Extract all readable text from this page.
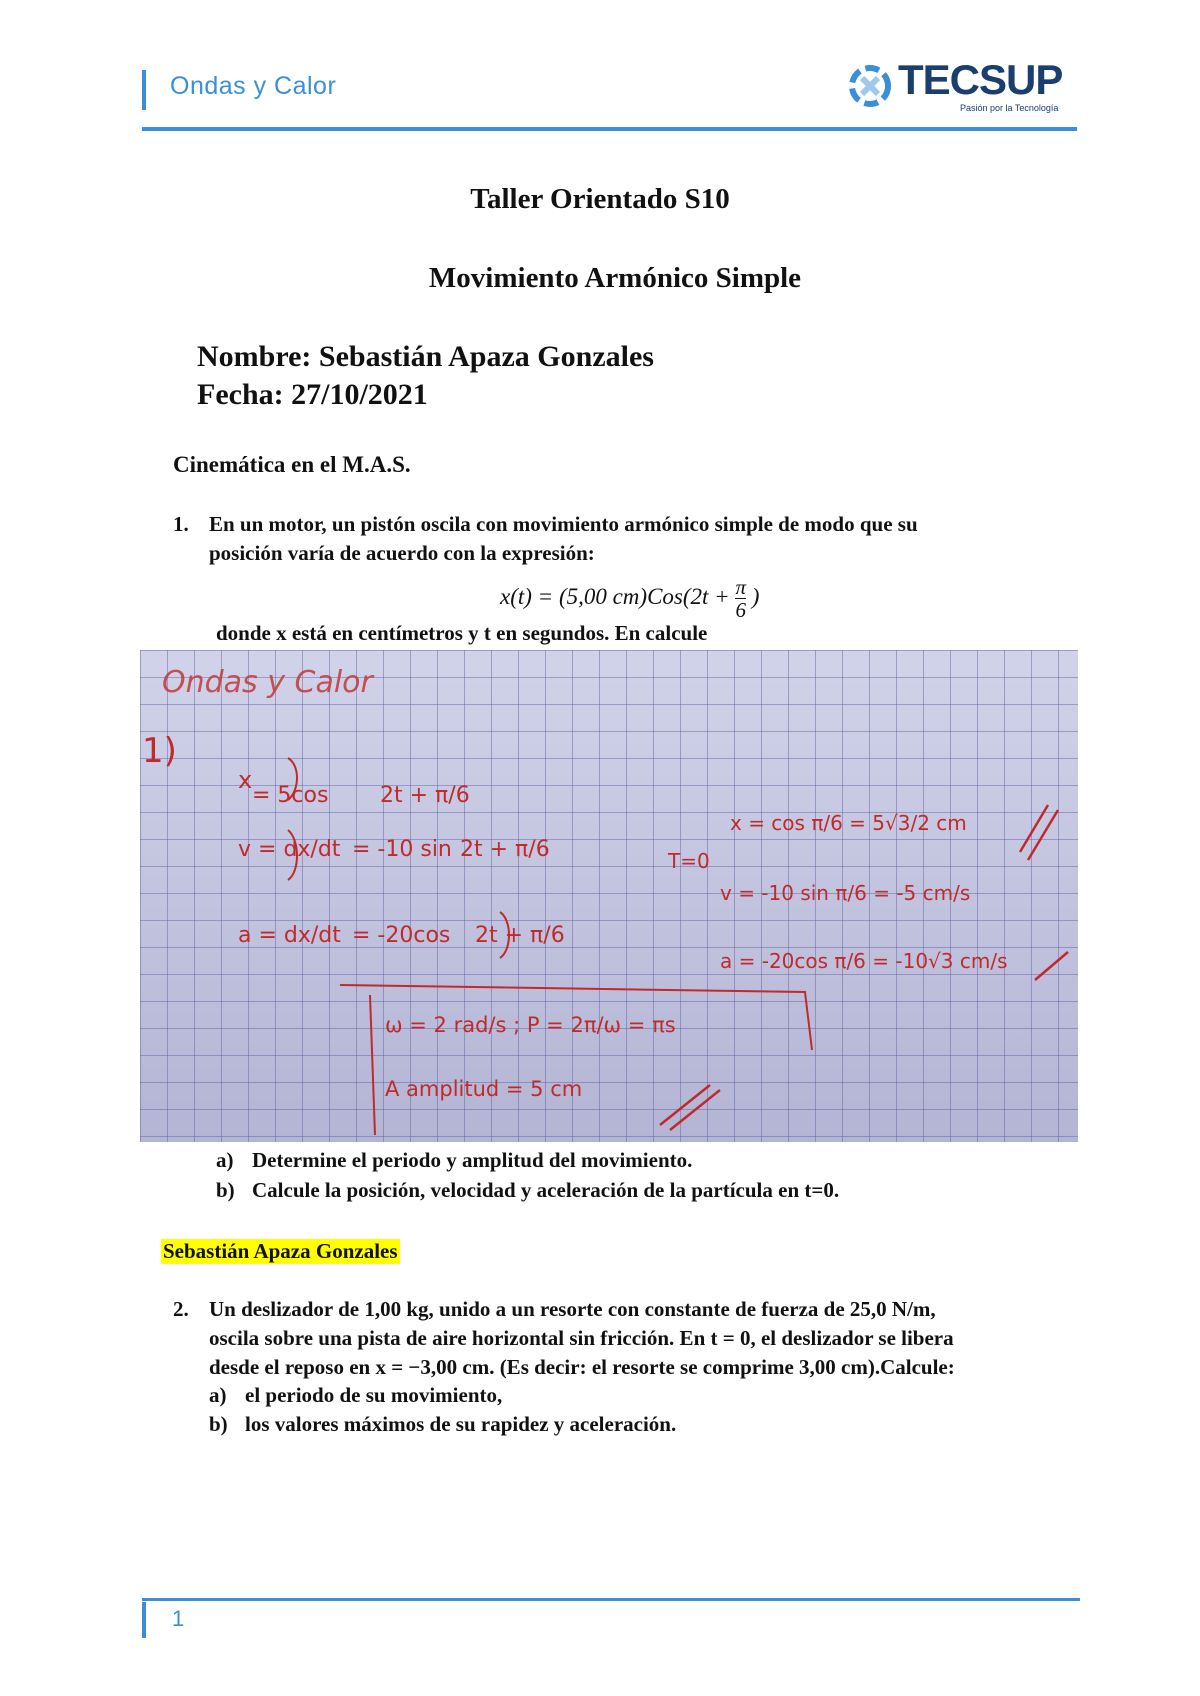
Ondas y Calor	TECSUP
Pasión por la Tecnología
Taller Orientado S10
Movimiento Armónico Simple
Nombre: Sebastián Apaza Gonzales
Fecha: 27/10/2021
Cinemática en el M.A.S.
1. En un motor, un pistón oscila con movimiento armónico simple de modo que su
posición varía de acuerdo con la expresión:
x(t) = (5,00 $cm)Cos(2t + \frac{\pi}{6}$ )
donde x está en centímetros y t en segundos. En calcule
Ondas y Calor
1)
x
= 5cos 2t + π/6
v = dx/dt = -10 sin 2t + π/6
a = dx/dt = -20cos 2t + π/6
T=0
x = cos π/6 = 5√3/2 cm
v = -10 sin π/6 = -5 cm/s
a = -20cos π/6 = -10√3 cm/s
ω = 2 rad/s ; P = 2π/ω = πs
A amplitud = 5 cm
a) Determine el periodo y amplitud del movimiento.
b) Calcule la posición, velocidad y aceleración de la partícula en t=0.
Sebastián Apaza Gonzales
2. Un deslizador de 1,00 kg, unido a un resorte con constante de fuerza de 25,0 N/m,
oscila sobre una pista de aire horizontal sin fricción. En t = 0, el deslizador se libera
desde el reposo en x = −3,00 cm. (Es decir: el resorte se comprime 3,00 cm).Calcule:
a) el periodo de su movimiento,
b) los valores máximos de su rapidez y aceleración.
1
